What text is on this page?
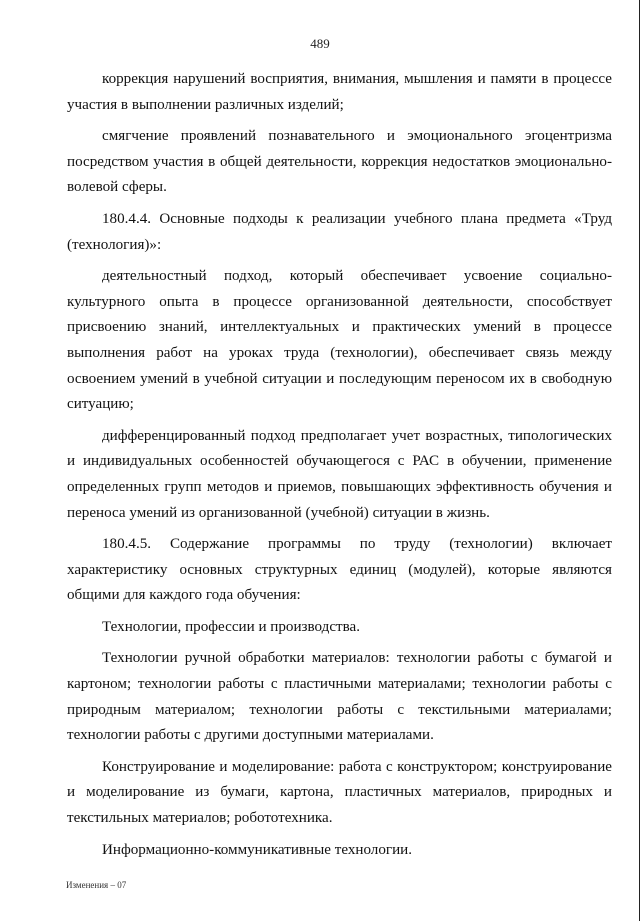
489

коррекция нарушений восприятия, внимания, мышления и памяти в процессе участия в выполнении различных изделий;

смягчение проявлений познавательного и эмоционального эгоцентризма посредством участия в общей деятельности, коррекция недостатков эмоционально-волевой сферы.

180.4.4. Основные подходы к реализации учебного плана предмета «Труд (технология)»:

деятельностный подход, который обеспечивает усвоение социально-культурного опыта в процессе организованной деятельности, способствует присвоению знаний, интеллектуальных и практических умений в процессе выполнения работ на уроках труда (технологии), обеспечивает связь между освоением умений в учебной ситуации и последующим переносом их в свободную ситуацию;

дифференцированный подход предполагает учет возрастных, типологических и индивидуальных особенностей обучающегося с РАС в обучении, применение определенных групп методов и приемов, повышающих эффективность обучения и переноса умений из организованной (учебной) ситуации в жизнь.

180.4.5. Содержание программы по труду (технологии) включает характеристику основных структурных единиц (модулей), которые являются общими для каждого года обучения:

Технологии, профессии и производства.

Технологии ручной обработки материалов: технологии работы с бумагой и картоном; технологии работы с пластичными материалами; технологии работы с природным материалом; технологии работы с текстильными материалами; технологии работы с другими доступными материалами.

Конструирование и моделирование: работа с конструктором; конструирование и моделирование из бумаги, картона, пластичных материалов, природных и текстильных материалов; робототехника.

Информационно-коммуникативные технологии.

Изменения – 07
